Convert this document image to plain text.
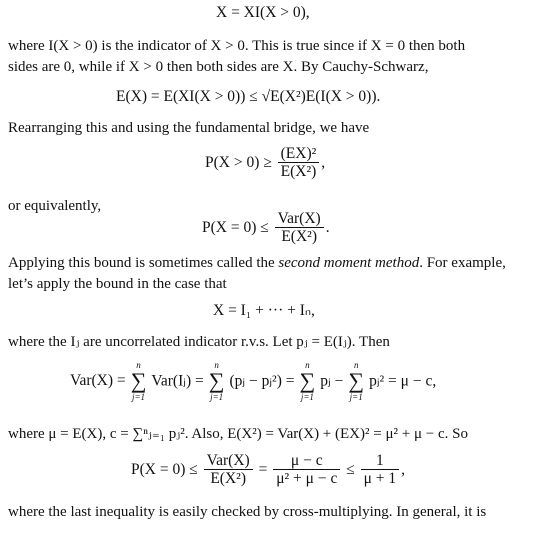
X = XI(X > 0),

where I(X > 0) is the indicator of X > 0. This is true since if X = 0 then both
sides are 0, while if X > 0 then both sides are X. By Cauchy-Schwarz,

E(X) = E(XI(X > 0)) ≤ √E(X²)E(I(X > 0)).

Rearranging this and using the fundamental bridge, we have

$P(X > 0) \ge \frac{\text{(EX)²}}{\text{E(X²)}}$ ,

or equivalently,

$P(X = 0) \le \frac{\text{Var(X)}}{\text{E(X²)}}$ .

Applying this bound is sometimes called the second moment method. For example,
let’s apply the bound in the case that

X = I₁ + ··· + Iₙ,

where the Iⱼ are uncorrelated indicator r.v.s. Let pⱼ = E(Iⱼ). Then

Var(X) =
n
∑
j=1
Var(Iⱼ) =
n
∑
j=1
(pⱼ − pⱼ²) =
n
∑
j=1
pⱼ −
n
∑
j=1
pⱼ² = μ − c,

where μ = E(X), c = ∑ⁿⱼ₌₁ pⱼ². Also, E(X²) = Var(X) + (EX)² = μ² + μ − c. So

$P(X = 0) \le \frac{\text{Var(X)}}{\text{E(X²)}} = \frac{\mu - c}{\text{μ² + μ − c}} \le \frac{1}{\mu + 1}$ ,

where the last inequality is easily checked by cross-multiplying. In general, it is
